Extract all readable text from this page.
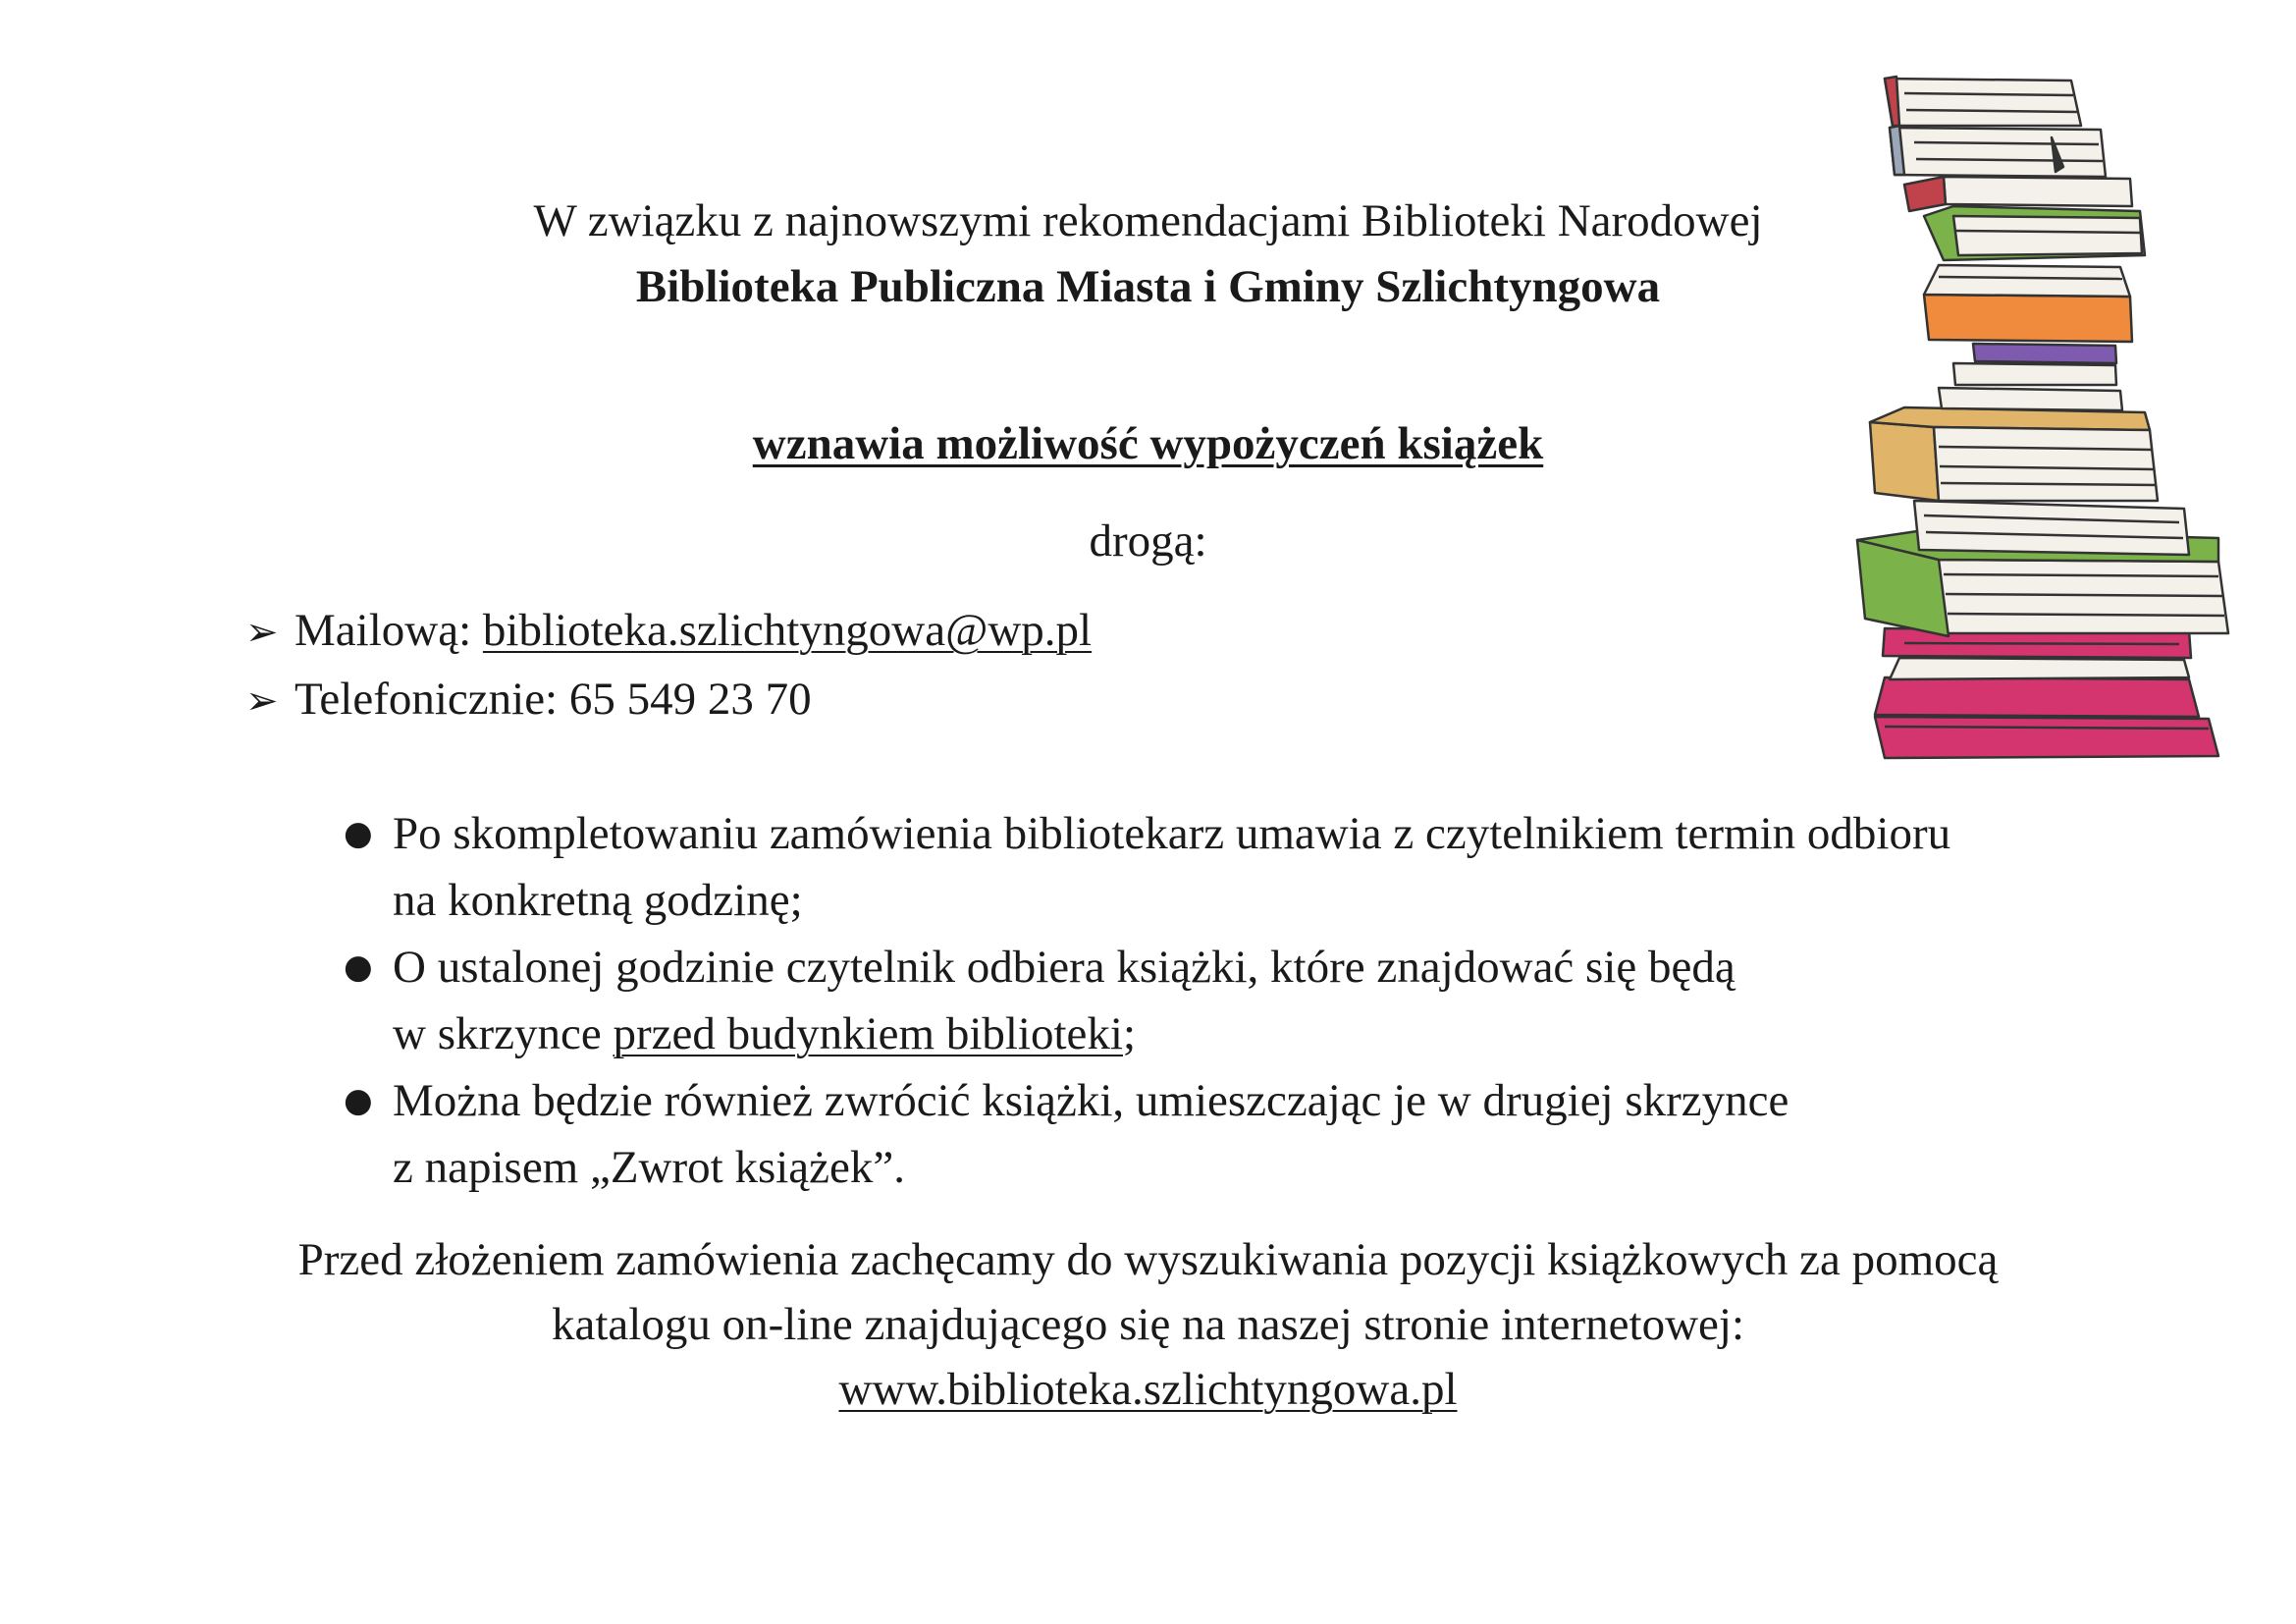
W związku z najnowszymi rekomendacjami Biblioteki Narodowej
Biblioteka Publiczna Miasta i Gminy Szlichtyngowa
wznawia możliwość wypożyczeń książek
drogą:
➢ Mailową: biblioteka.szlichtyngowa@wp.pl
➢ Telefonicznie: 65 549 23 70
● Po skompletowaniu zamówienia bibliotekarz umawia z czytelnikiem termin odbioru
na konkretną godzinę;
● O ustalonej godzinie czytelnik odbiera książki, które znajdować się będą
w skrzynce przed budynkiem biblioteki;
● Można będzie również zwrócić książki, umieszczając je w drugiej skrzynce
z napisem „Zwrot książek”.
Przed złożeniem zamówienia zachęcamy do wyszukiwania pozycji książkowych za pomocą
katalogu on-line znajdującego się na naszej stronie internetowej:
www.biblioteka.szlichtyngowa.pl
